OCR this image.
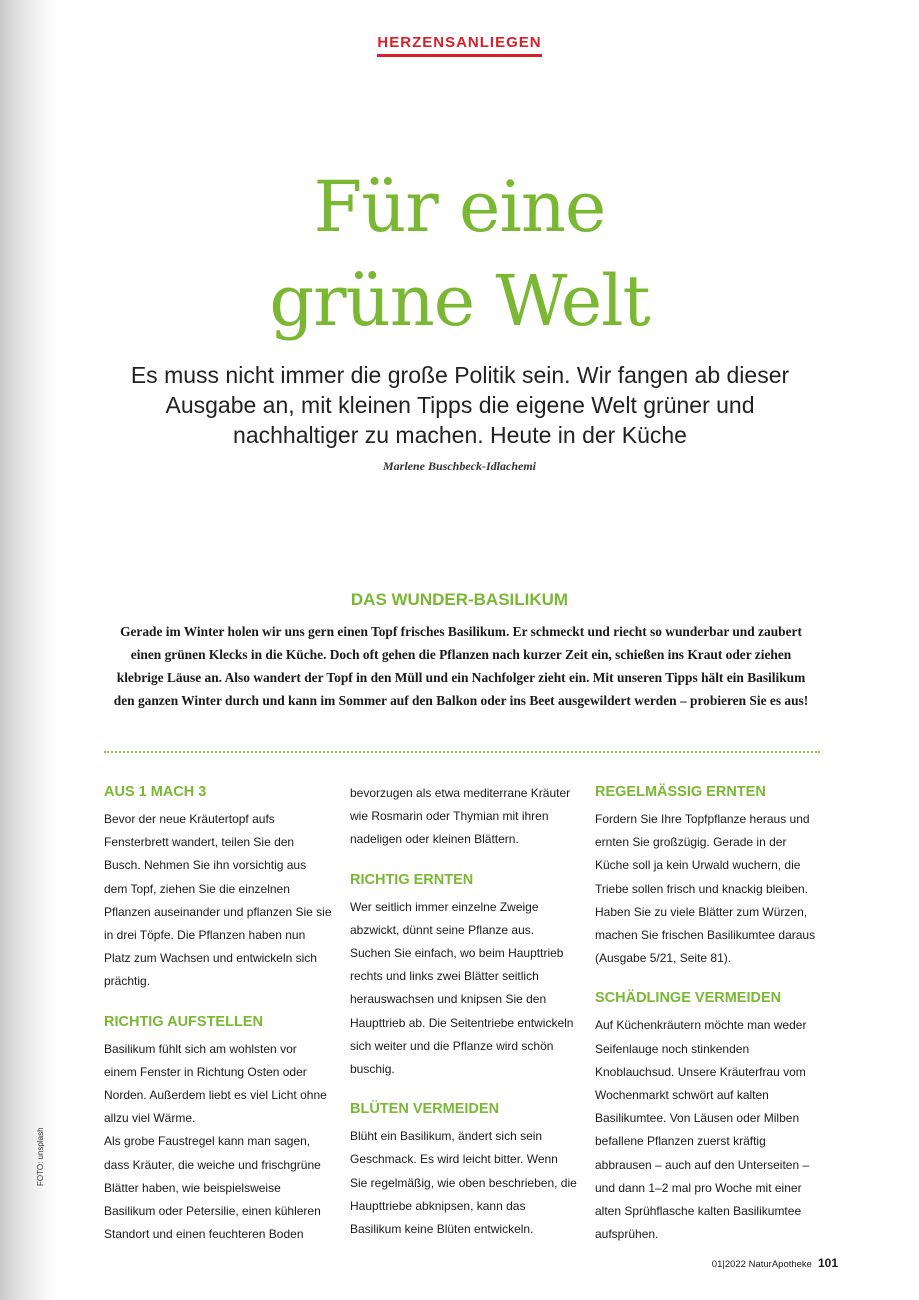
HERZENSANLIEGEN
Für eine
grüne Welt

Es muss nicht immer die große Politik sein. Wir fangen ab dieser Ausgabe an, mit kleinen Tipps die eigene Welt grüner und nachhaltiger zu machen. Heute in der Küche

Marlene Buschbeck-Idlachemi
DAS WUNDER-BASILIKUM

Gerade im Winter holen wir uns gern einen Topf frisches Basilikum. Er schmeckt und riecht so wunderbar und zaubert einen grünen Klecks in die Küche. Doch oft gehen die Pflanzen nach kurzer Zeit ein, schießen ins Kraut oder ziehen klebrige Läuse an. Also wandert der Topf in den Müll und ein Nachfolger zieht ein. Mit unseren Tipps hält ein Basilikum den ganzen Winter durch und kann im Sommer auf den Balkon oder ins Beet ausgewildert werden – probieren Sie es aus!

AUS 1 MACH 3

Bevor der neue Kräutertopf aufs Fensterbrett wandert, teilen Sie den Busch. Nehmen Sie ihn vorsichtig aus dem Topf, ziehen Sie die einzelnen Pflanzen auseinander und pflanzen Sie sie in drei Töpfe. Die Pflanzen haben nun Platz zum Wachsen und entwickeln sich prächtig.

RICHTIG AUFSTELLEN

Basilikum fühlt sich am wohlsten vor einem Fenster in Richtung Osten oder Norden. Außerdem liebt es viel Licht ohne allzu viel Wärme.

Als grobe Faustregel kann man sagen, dass Kräuter, die weiche und frischgrüne Blätter haben, wie beispielsweise Basilikum oder Petersilie, einen kühleren Standort und einen feuchteren Boden

bevorzugen als etwa mediterrane Kräuter wie Rosmarin oder Thymian mit ihren nadeligen oder kleinen Blättern.

RICHTIG ERNTEN

Wer seitlich immer einzelne Zweige abzwickt, dünnt seine Pflanze aus. Suchen Sie einfach, wo beim Haupttrieb rechts und links zwei Blätter seitlich herauswachsen und knipsen Sie den Haupttrieb ab. Die Seitentriebe entwickeln sich weiter und die Pflanze wird schön buschig.

BLÜTEN VERMEIDEN

Blüht ein Basilikum, ändert sich sein Geschmack. Es wird leicht bitter. Wenn Sie regelmäßig, wie oben beschrieben, die Haupttriebe abknipsen, kann das Basilikum keine Blüten entwickeln.

REGELMÄSSIG ERNTEN

Fordern Sie Ihre Topfpflanze heraus und ernten Sie großzügig. Gerade in der Küche soll ja kein Urwald wuchern, die Triebe sollen frisch und knackig bleiben. Haben Sie zu viele Blätter zum Würzen, machen Sie frischen Basilikumtee daraus (Ausgabe 5/21, Seite 81).

SCHÄDLINGE VERMEIDEN

Auf Küchenkräutern möchte man weder Seifenlauge noch stinkenden Knoblauchsud. Unsere Kräuterfrau vom Wochenmarkt schwört auf kalten Basilikumtee. Von Läusen oder Milben befallene Pflanzen zuerst kräftig abbrausen – auch auf den Unterseiten – und dann 1–2 mal pro Woche mit einer alten Sprühflasche kalten Basilikumtee aufsprühen.

FOTO: unsplash
01|2022 NaturApotheke 101
